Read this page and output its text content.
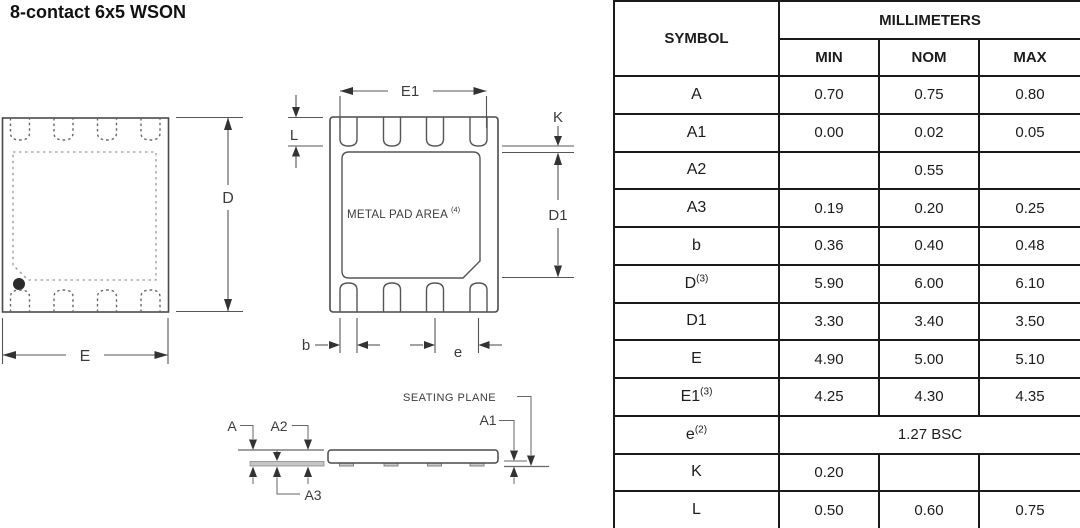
8-contact 6x5 WSON
D
E
METAL PAD AREA (4)
E1
L
K
D1
b	e
A A2
A3
SEATING PLANE
A1
SYMBOL	MILLIMETERS		
	MIN	NOM	MAX
A	0.70	0.75	0.80
A1	0.00	0.02	0.05
A2		0.55	
A3	0.19	0.20	0.25
b	0.36	0.40	0.48
$D^{(3)}$	5.90	6.00	6.10
D1	3.30	3.40	3.50
E	4.90	5.00	5.10
E1$^{(3)}$	4.25	4.30	4.35
$e^{(2)}$	1.27 BSC		
K	0.20		
L	0.50	0.60	0.75
